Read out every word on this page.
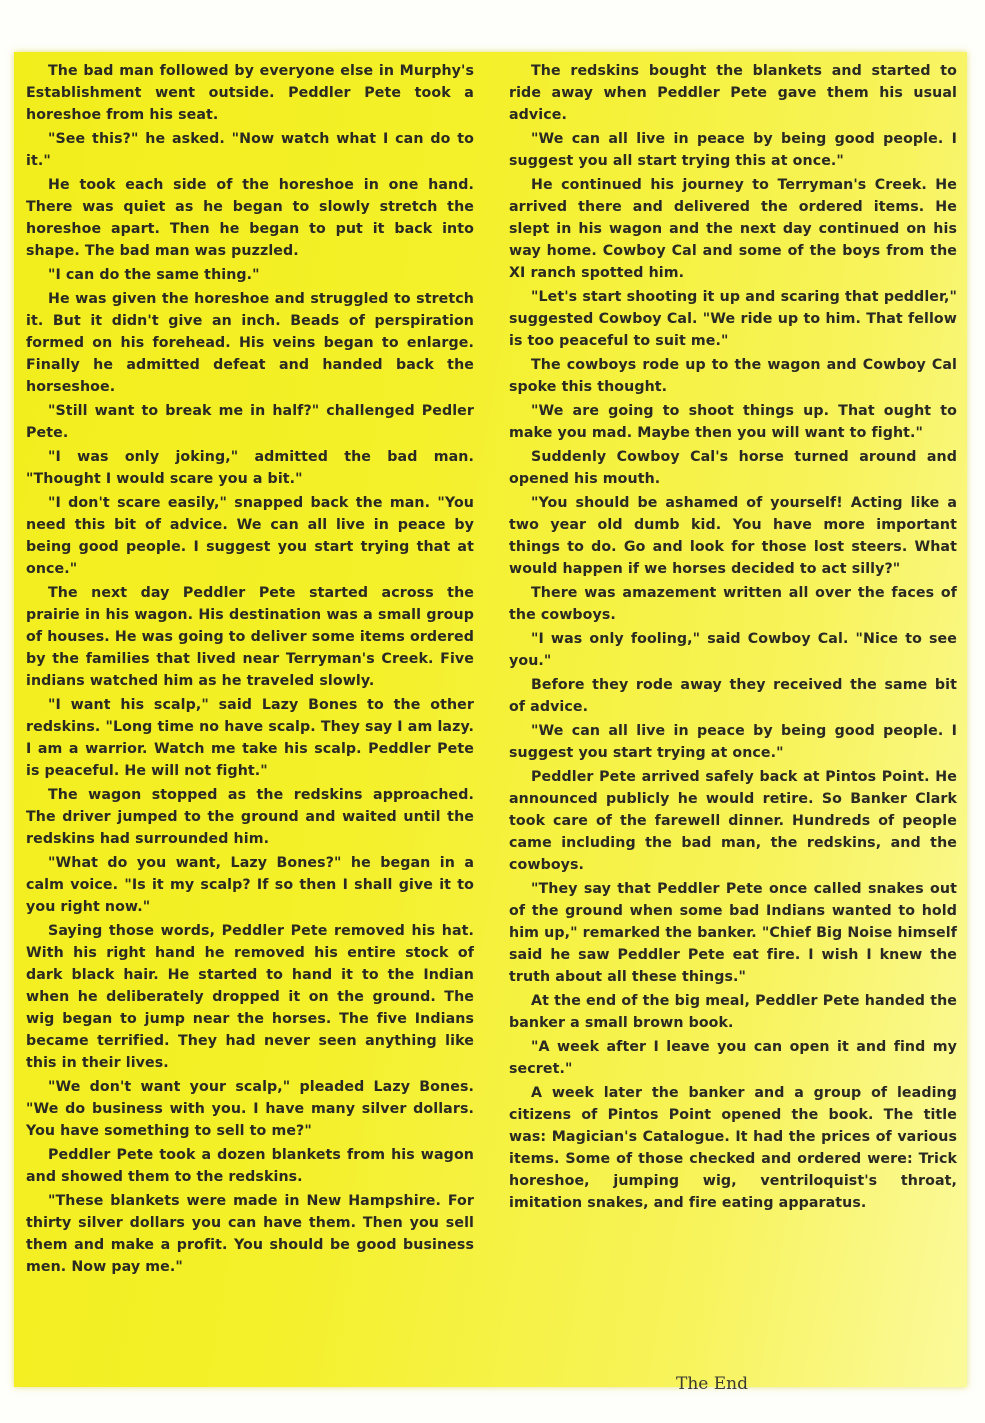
The bad man followed by everyone else in Murphy's Establishment went outside. Peddler Pete took a horeshoe from his seat.

"See this?" he asked. "Now watch what I can do to it."

He took each side of the horeshoe in one hand. There was quiet as he began to slowly stretch the horeshoe apart. Then he began to put it back into shape. The bad man was puzzled.

"I can do the same thing."

He was given the horeshoe and struggled to stretch it. But it didn't give an inch. Beads of perspiration formed on his forehead. His veins began to enlarge. Finally he admitted defeat and handed back the horseshoe.

"Still want to break me in half?" challenged Pedler Pete.

"I was only joking," admitted the bad man. "Thought I would scare you a bit."

"I don't scare easily," snapped back the man. "You need this bit of advice. We can all live in peace by being good people. I suggest you start trying that at once."

The next day Peddler Pete started across the prairie in his wagon. His destination was a small group of houses. He was going to deliver some items ordered by the families that lived near Terryman's Creek. Five indians watched him as he traveled slowly.

"I want his scalp," said Lazy Bones to the other redskins. "Long time no have scalp. They say I am lazy. I am a warrior. Watch me take his scalp. Peddler Pete is peaceful. He will not fight."

The wagon stopped as the redskins approached. The driver jumped to the ground and waited until the redskins had surrounded him.

"What do you want, Lazy Bones?" he began in a calm voice. "Is it my scalp? If so then I shall give it to you right now."

Saying those words, Peddler Pete removed his hat. With his right hand he removed his entire stock of dark black hair. He started to hand it to the Indian when he deliberately dropped it on the ground. The wig began to jump near the horses. The five Indians became terrified. They had never seen anything like this in their lives.

"We don't want your scalp," pleaded Lazy Bones. "We do business with you. I have many silver dollars. You have something to sell to me?"

Peddler Pete took a dozen blankets from his wagon and showed them to the redskins.

"These blankets were made in New Hampshire. For thirty silver dollars you can have them. Then you sell them and make a profit. You should be good business men. Now pay me."

The redskins bought the blankets and started to ride away when Peddler Pete gave them his usual advice.

"We can all live in peace by being good people. I suggest you all start trying this at once."

He continued his journey to Terryman's Creek. He arrived there and delivered the ordered items. He slept in his wagon and the next day continued on his way home. Cowboy Cal and some of the boys from the XI ranch spotted him.

"Let's start shooting it up and scaring that peddler," suggested Cowboy Cal. "We ride up to him. That fellow is too peaceful to suit me."

The cowboys rode up to the wagon and Cowboy Cal spoke this thought.

"We are going to shoot things up. That ought to make you mad. Maybe then you will want to fight."

Suddenly Cowboy Cal's horse turned around and opened his mouth.

"You should be ashamed of yourself! Acting like a two year old dumb kid. You have more important things to do. Go and look for those lost steers. What would happen if we horses decided to act silly?"

There was amazement written all over the faces of the cowboys.

"I was only fooling," said Cowboy Cal. "Nice to see you."

Before they rode away they received the same bit of advice.

"We can all live in peace by being good people. I suggest you start trying at once."

Peddler Pete arrived safely back at Pintos Point. He announced publicly he would retire. So Banker Clark took care of the farewell dinner. Hundreds of people came including the bad man, the redskins, and the cowboys.

"They say that Peddler Pete once called snakes out of the ground when some bad Indians wanted to hold him up," remarked the banker. "Chief Big Noise himself said he saw Peddler Pete eat fire. I wish I knew the truth about all these things."

At the end of the big meal, Peddler Pete handed the banker a small brown book.

"A week after I leave you can open it and find my secret."

A week later the banker and a group of leading citizens of Pintos Point opened the book. The title was: Magician's Catalogue. It had the prices of various items. Some of those checked and ordered were: Trick horeshoe, jumping wig, ventriloquist's throat, imitation snakes, and fire eating apparatus.

The End
